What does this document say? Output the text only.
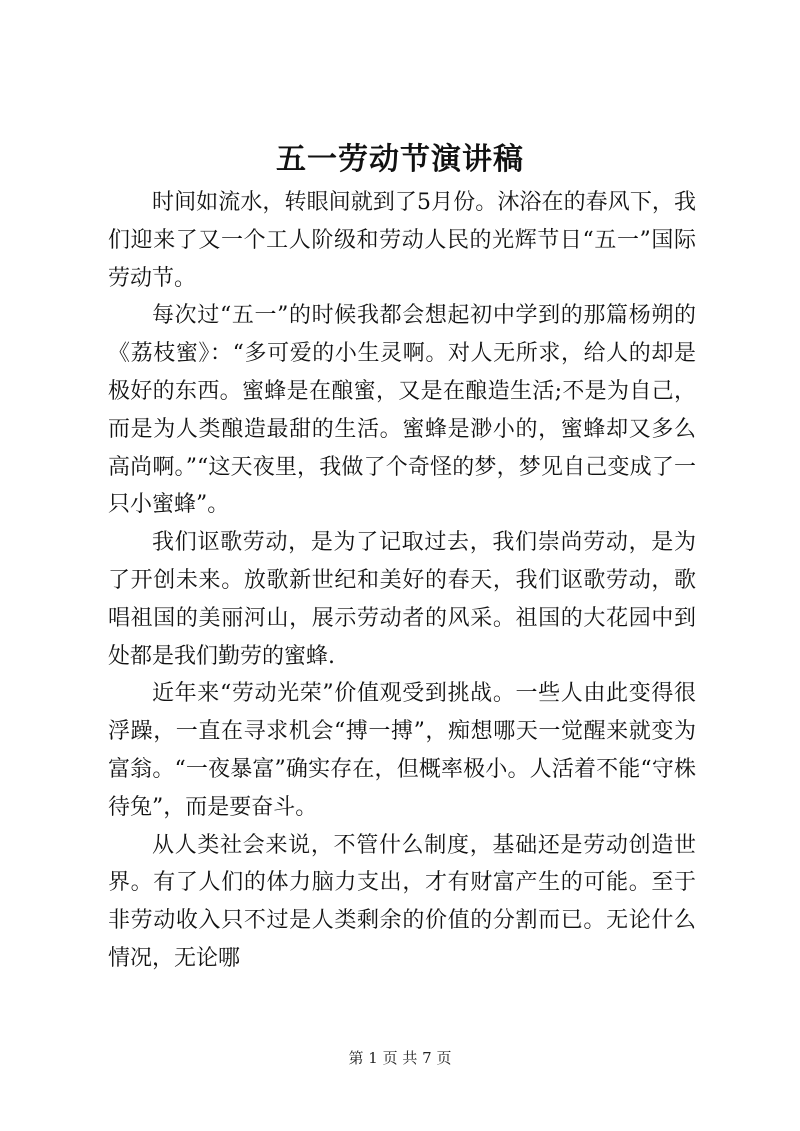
五一劳动节演讲稿

时间如流水，转眼间就到了5月份。沐浴在的春风下，我们迎来了又一个工人阶级和劳动人民的光辉节日“五一”国际劳动节。

每次过“五一”的时候我都会想起初中学到的那篇杨朔的《荔枝蜜》：“多可爱的小生灵啊。对人无所求，给人的却是极好的东西。蜜蜂是在酿蜜，又是在酿造生活;不是为自己，而是为人类酿造最甜的生活。蜜蜂是渺小的，蜜蜂却又多么高尚啊。”“这天夜里，我做了个奇怪的梦，梦见自己变成了一只小蜜蜂”。

我们讴歌劳动，是为了记取过去，我们崇尚劳动，是为了开创未来。放歌新世纪和美好的春天，我们讴歌劳动，歌唱祖国的美丽河山，展示劳动者的风采。祖国的大花园中到处都是我们勤劳的蜜蜂.

近年来“劳动光荣”价值观受到挑战。一些人由此变得很浮躁，一直在寻求机会“搏一搏”，痴想哪天一觉醒来就变为富翁。“一夜暴富”确实存在，但概率极小。人活着不能“守株待兔”，而是要奋斗。

从人类社会来说，不管什么制度，基础还是劳动创造世界。有了人们的体力脑力支出，才有财富产生的可能。至于非劳动收入只不过是人类剩余的价值的分割而已。无论什么情况，无论哪

第 1 页 共 7 页
